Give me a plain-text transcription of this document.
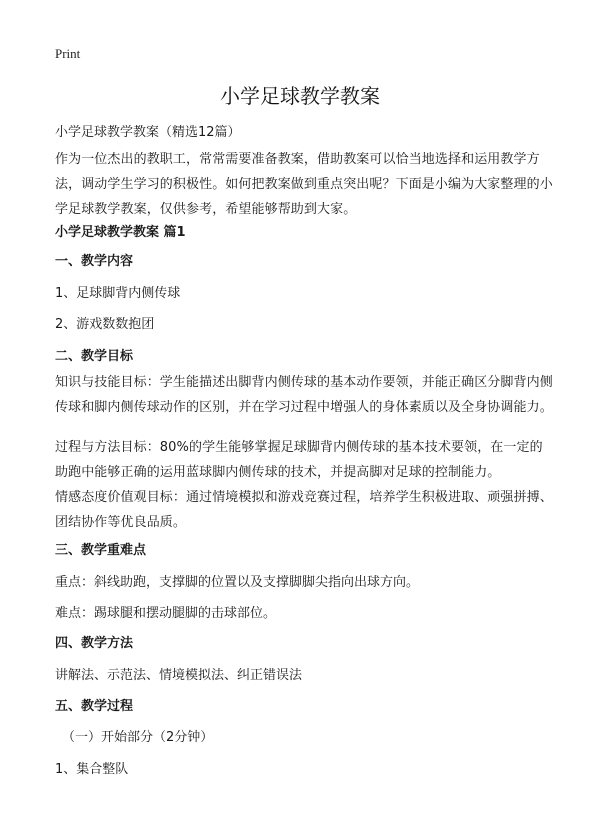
Print
小学足球教学教案

小学足球教学教案（精选12篇）

作为一位杰出的教职工，常常需要准备教案，借助教案可以恰当地选择和运用教学方法，调动学生学习的积极性。如何把教案做到重点突出呢？下面是小编为大家整理的小学足球教学教案，仅供参考，希望能够帮助到大家。

小学足球教学教案 篇1

一、教学内容

1、足球脚背内侧传球

2、游戏数数抱团

二、教学目标

知识与技能目标：学生能描述出脚背内侧传球的基本动作要领，并能正确区分脚背内侧传球和脚内侧传球动作的区别，并在学习过程中增强人的身体素质以及全身协调能力。

过程与方法目标：80%的学生能够掌握足球脚背内侧传球的基本技术要领，在一定的助跑中能够正确的运用蓝球脚内侧传球的技术，并提高脚对足球的控制能力。

情感态度价值观目标：通过情境模拟和游戏竞赛过程，培养学生积极进取、顽强拼搏、团结协作等优良品质。

三、教学重难点

重点：斜线助跑，支撑脚的位置以及支撑脚脚尖指向出球方向。

难点：踢球腿和摆动腿脚的击球部位。

四、教学方法

讲解法、示范法、情境模拟法、纠正错误法

五、教学过程

（一）开始部分（2分钟）

1、集合整队
